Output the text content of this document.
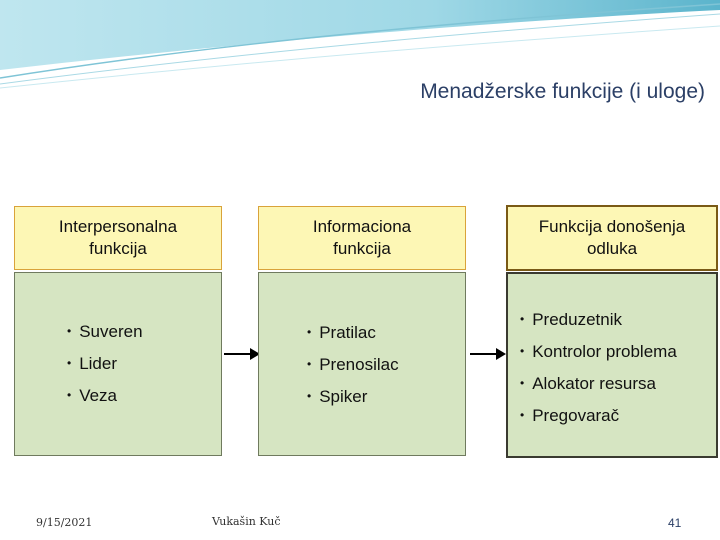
Menadžerske funkcije (i uloge)
Interpersonalna
funkcija
• Suveren
• Lider
• Veza
Informaciona
funkcija
• Pratilac
• Prenosilac
• Spiker
Funkcija donošenja
odluka
• Preduzetnik
• Kontrolor problema
• Alokator resursa
• Pregovarač
9/15/2021	Vukašin Kuč	41
